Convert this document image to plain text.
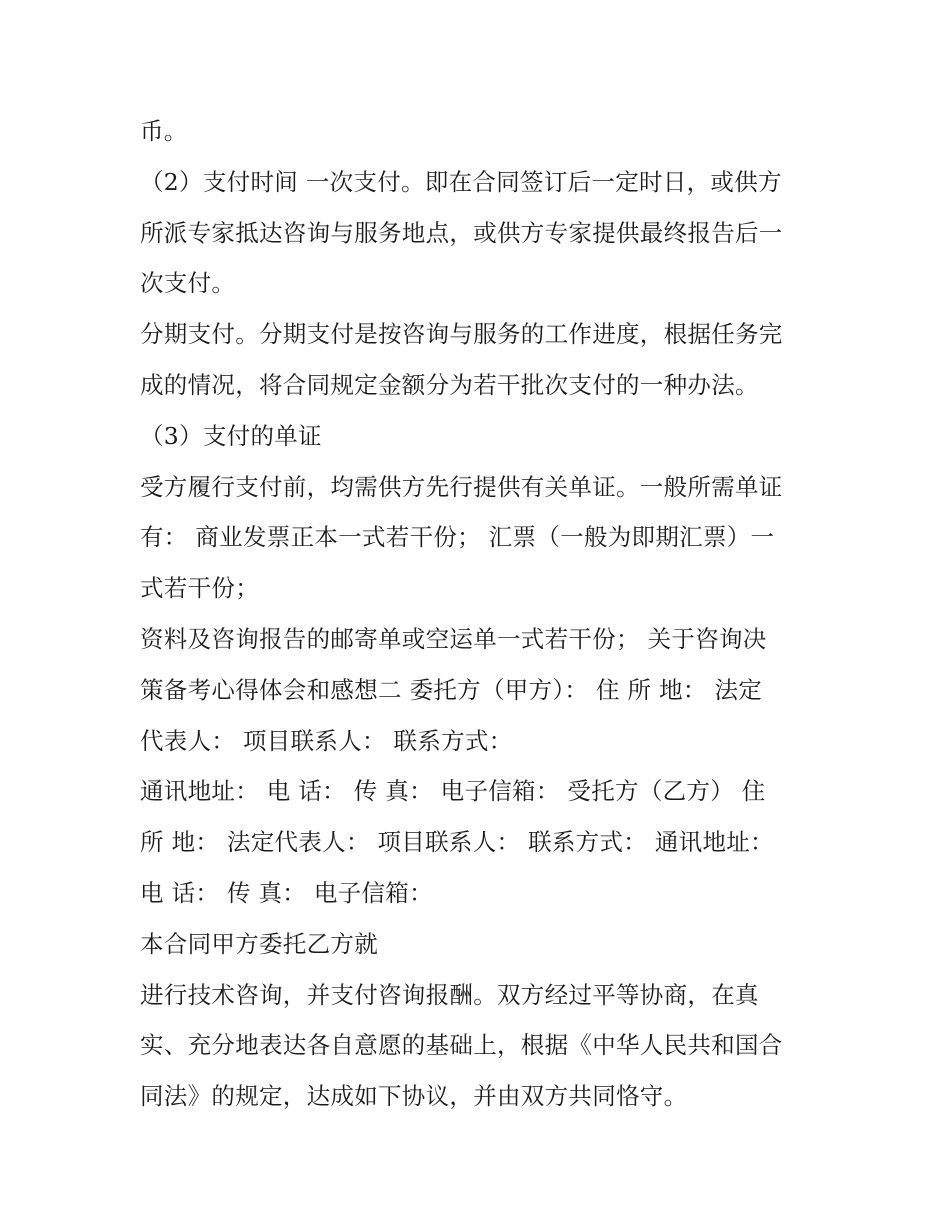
币。
（2）支付时间 一次支付。即在合同签订后一定时日，或供方
所派专家抵达咨询与服务地点，或供方专家提供最终报告后一
次支付。
分期支付。分期支付是按咨询与服务的工作进度，根据任务完
成的情况，将合同规定金额分为若干批次支付的一种办法。
（3）支付的单证
受方履行支付前，均需供方先行提供有关单证。一般所需单证
有： 商业发票正本一式若干份； 汇票（一般为即期汇票）一
式若干份；
资料及咨询报告的邮寄单或空运单一式若干份； 关于咨询决
策备考心得体会和感想二 委托方（甲方）： 住 所 地： 法定
代表人： 项目联系人： 联系方式：
通讯地址： 电 话： 传 真： 电子信箱： 受托方（乙方） 住
所 地： 法定代表人： 项目联系人： 联系方式： 通讯地址：
电 话： 传 真： 电子信箱：
本合同甲方委托乙方就
进行技术咨询，并支付咨询报酬。双方经过平等协商，在真
实、充分地表达各自意愿的基础上，根据《中华人民共和国合
同法》的规定，达成如下协议，并由双方共同恪守。
